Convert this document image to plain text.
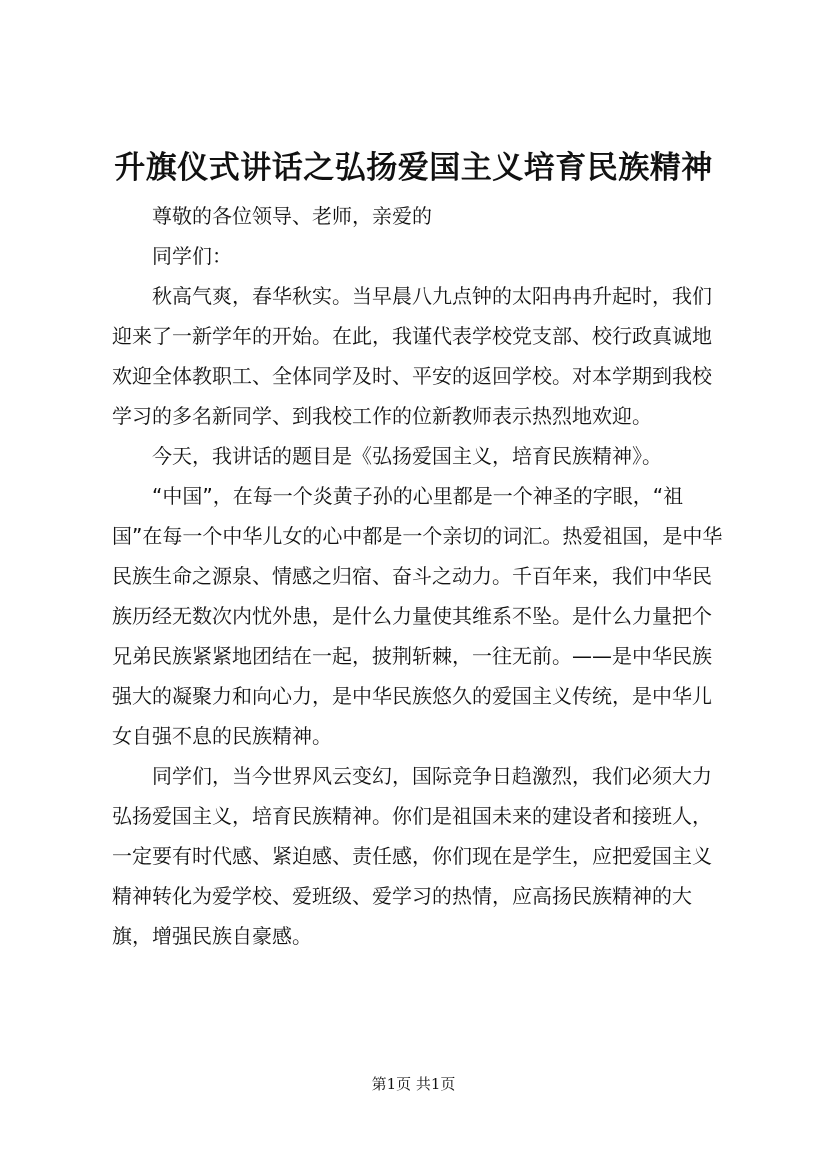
升旗仪式讲话之弘扬爱国主义培育民族精神

尊敬的各位领导、老师，亲爱的

同学们：

秋高气爽，春华秋实。当早晨八九点钟的太阳冉冉升起时，我们迎来了一新学年的开始。在此，我谨代表学校党支部、校行政真诚地欢迎全体教职工、全体同学及时、平安的返回学校。对本学期到我校学习的多名新同学、到我校工作的位新教师表示热烈地欢迎。

今天，我讲话的题目是《弘扬爱国主义，培育民族精神》。

“中国”，在每一个炎黄子孙的心里都是一个神圣的字眼，“祖国”在每一个中华儿女的心中都是一个亲切的词汇。热爱祖国，是中华民族生命之源泉、情感之归宿、奋斗之动力。千百年来，我们中华民族历经无数次内忧外患，是什么力量使其维系不坠。是什么力量把个兄弟民族紧紧地团结在一起，披荆斩棘，一往无前。——是中华民族强大的凝聚力和向心力，是中华民族悠久的爱国主义传统，是中华儿女自强不息的民族精神。

同学们，当今世界风云变幻，国际竞争日趋激烈，我们必须大力弘扬爱国主义，培育民族精神。你们是祖国未来的建设者和接班人，一定要有时代感、紧迫感、责任感，你们现在是学生，应把爱国主义精神转化为爱学校、爱班级、爱学习的热情，应高扬民族精神的大旗，增强民族自豪感。

第1页 共1页
